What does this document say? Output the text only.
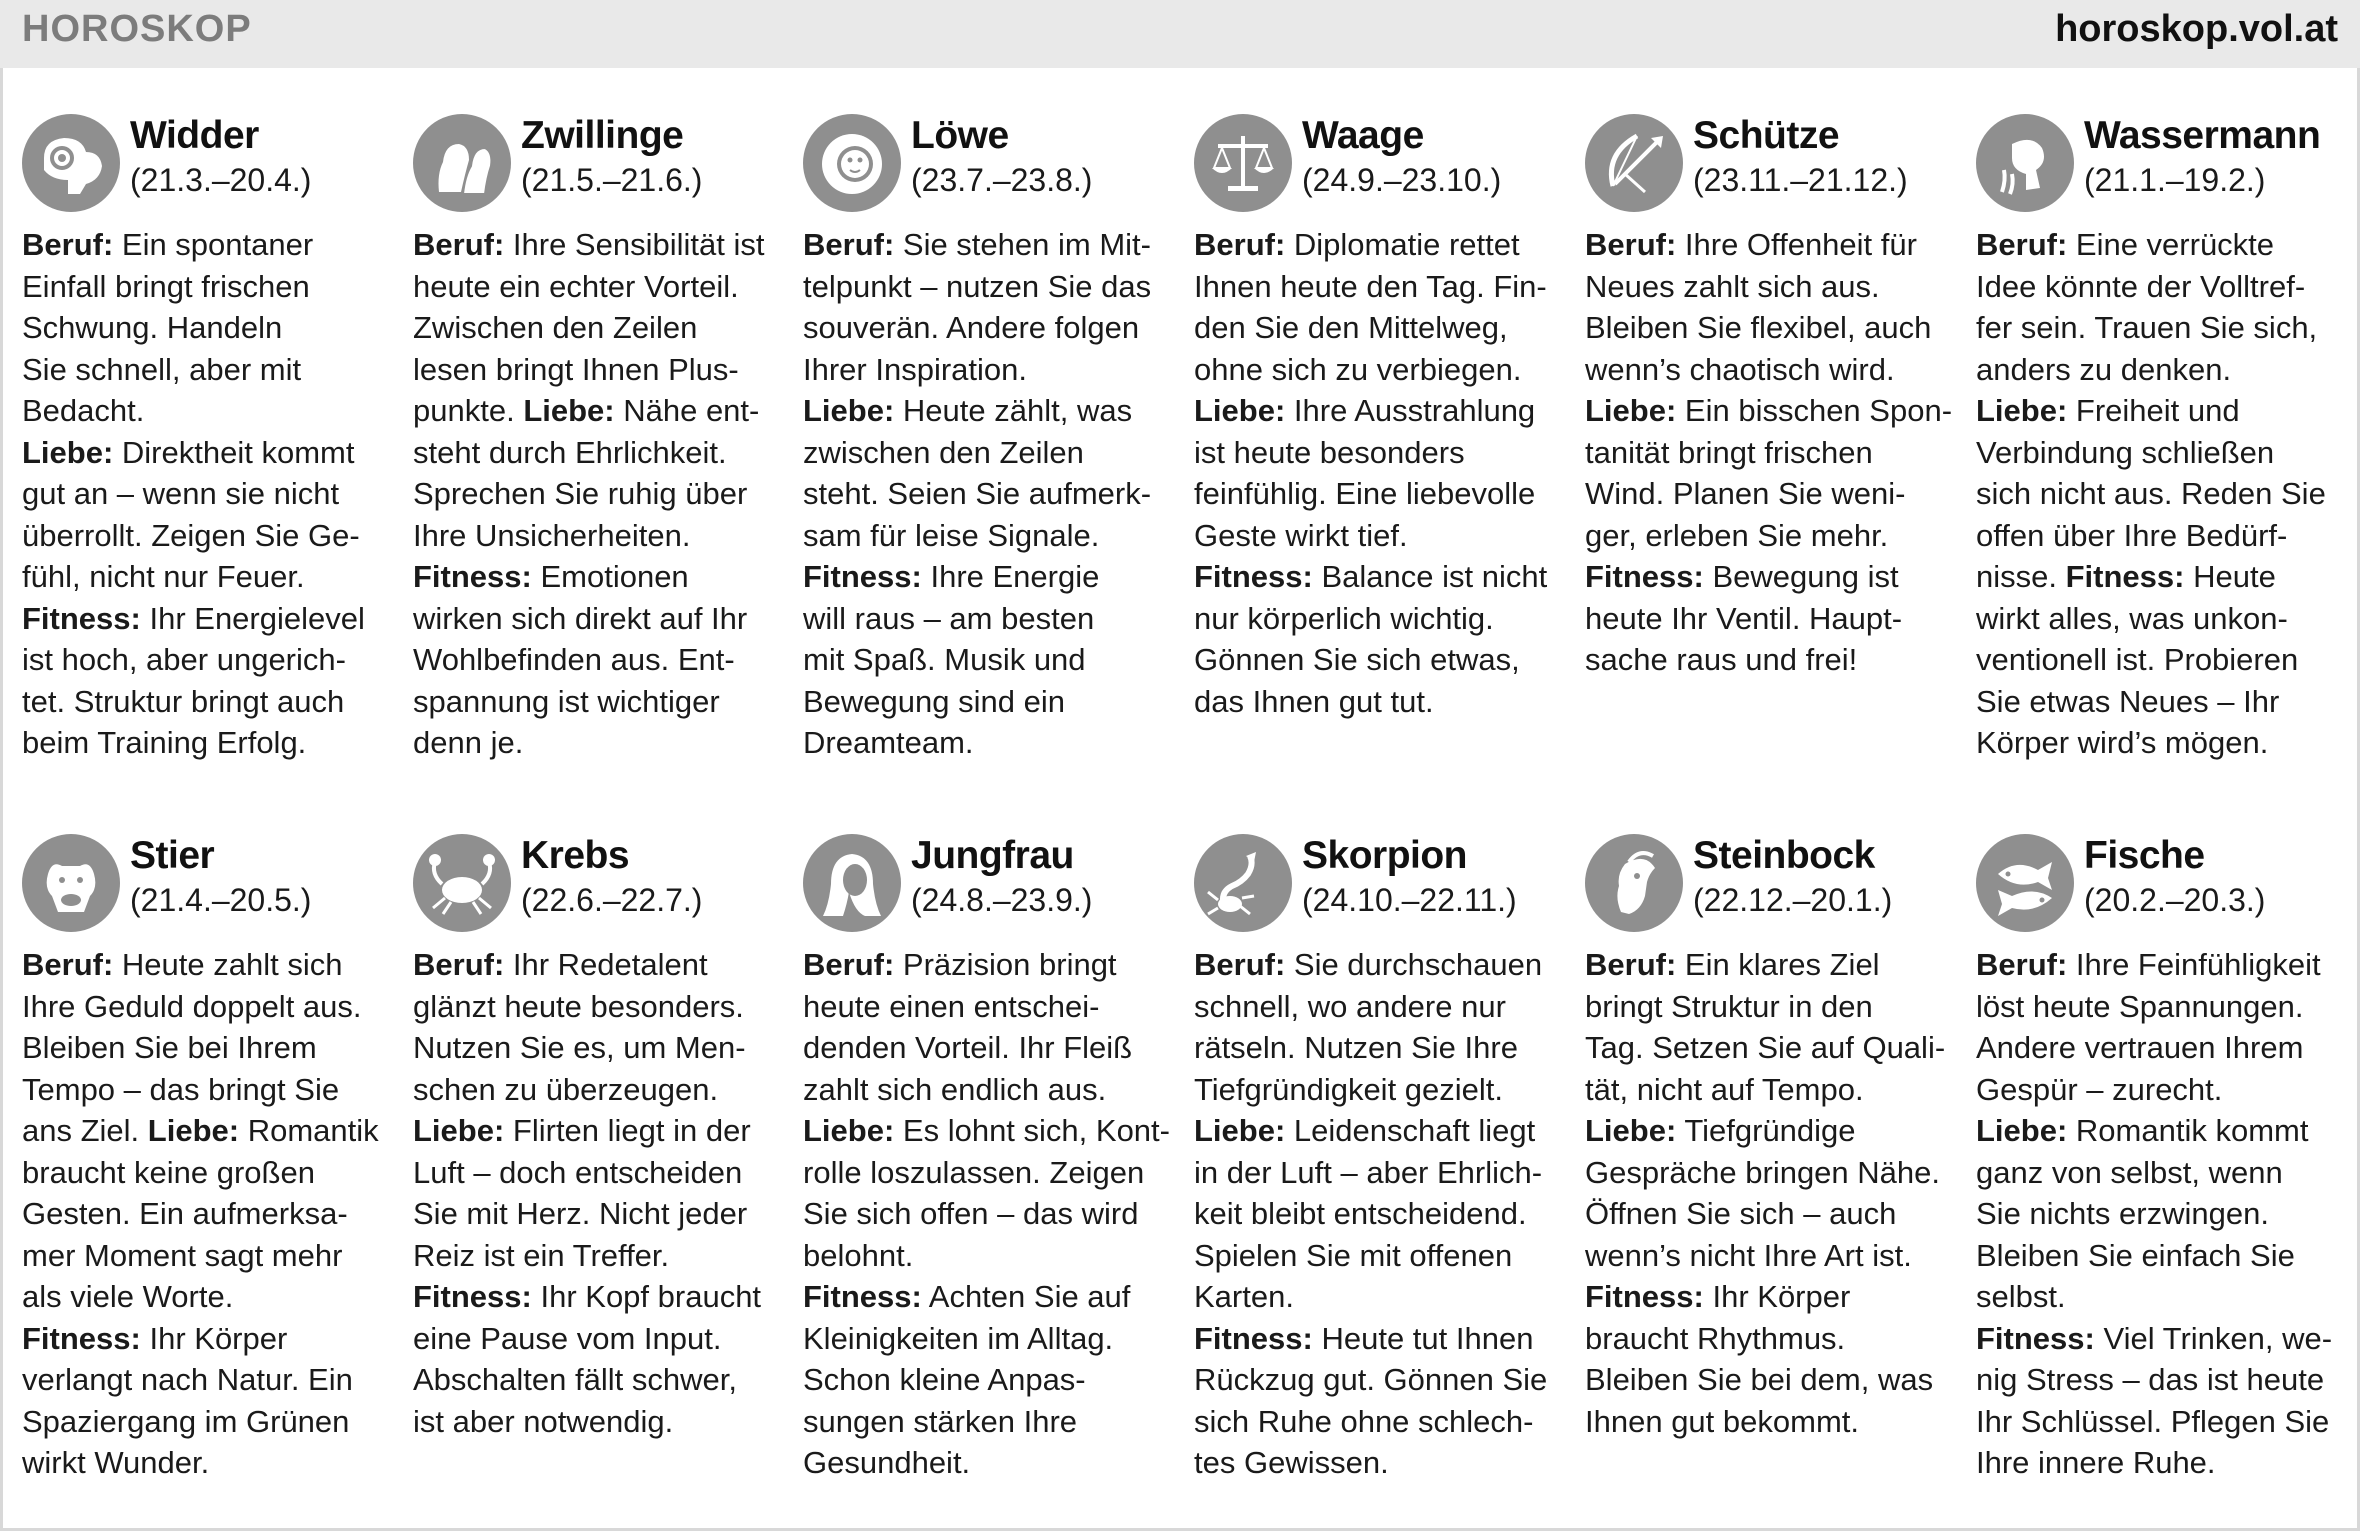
HOROSKOP	horoskop.vol.at
Widder
(21.3.–20.4.)
Beruf: Ein spontaner
Einfall bringt frischen
Schwung. Handeln
Sie schnell, aber mit
Bedacht.
Liebe: Direktheit kommt
gut an – wenn sie nicht
überrollt. Zeigen Sie Ge-
fühl, nicht nur Feuer.
Fitness: Ihr Energielevel
ist hoch, aber ungerich-
tet. Struktur bringt auch
beim Training Erfolg.
Zwillinge
(21.5.–21.6.)
Beruf: Ihre Sensibilität ist
heute ein echter Vorteil.
Zwischen den Zeilen
lesen bringt Ihnen Plus-
punkte. Liebe: Nähe ent-
steht durch Ehrlichkeit.
Sprechen Sie ruhig über
Ihre Unsicherheiten.
Fitness: Emotionen
wirken sich direkt auf Ihr
Wohlbefinden aus. Ent-
spannung ist wichtiger
denn je.
Löwe
(23.7.–23.8.)
Beruf: Sie stehen im Mit-
telpunkt – nutzen Sie das
souverän. Andere folgen
Ihrer Inspiration.
Liebe: Heute zählt, was
zwischen den Zeilen
steht. Seien Sie aufmerk-
sam für leise Signale.
Fitness: Ihre Energie
will raus – am besten
mit Spaß. Musik und
Bewegung sind ein
Dreamteam.
Waage
(24.9.–23.10.)
Beruf: Diplomatie rettet
Ihnen heute den Tag. Fin-
den Sie den Mittelweg,
ohne sich zu verbiegen.
Liebe: Ihre Ausstrahlung
ist heute besonders
feinfühlig. Eine liebevolle
Geste wirkt tief.
Fitness: Balance ist nicht
nur körperlich wichtig.
Gönnen Sie sich etwas,
das Ihnen gut tut.
Schütze
(23.11.–21.12.)
Beruf: Ihre Offenheit für
Neues zahlt sich aus.
Bleiben Sie flexibel, auch
wenn’s chaotisch wird.
Liebe: Ein bisschen Spon-
tanität bringt frischen
Wind. Planen Sie weni-
ger, erleben Sie mehr.
Fitness: Bewegung ist
heute Ihr Ventil. Haupt-
sache raus und frei!
Wassermann
(21.1.–19.2.)
Beruf: Eine verrückte
Idee könnte der Volltref-
fer sein. Trauen Sie sich,
anders zu denken.
Liebe: Freiheit und
Verbindung schließen
sich nicht aus. Reden Sie
offen über Ihre Bedürf-
nisse. Fitness: Heute
wirkt alles, was unkon-
ventionell ist. Probieren
Sie etwas Neues – Ihr
Körper wird’s mögen.
Stier
(21.4.–20.5.)
Beruf: Heute zahlt sich
Ihre Geduld doppelt aus.
Bleiben Sie bei Ihrem
Tempo – das bringt Sie
ans Ziel. Liebe: Romantik
braucht keine großen
Gesten. Ein aufmerksa-
mer Moment sagt mehr
als viele Worte.
Fitness: Ihr Körper
verlangt nach Natur. Ein
Spaziergang im Grünen
wirkt Wunder.
Krebs
(22.6.–22.7.)
Beruf: Ihr Redetalent
glänzt heute besonders.
Nutzen Sie es, um Men-
schen zu überzeugen.
Liebe: Flirten liegt in der
Luft – doch entscheiden
Sie mit Herz. Nicht jeder
Reiz ist ein Treffer.
Fitness: Ihr Kopf braucht
eine Pause vom Input.
Abschalten fällt schwer,
ist aber notwendig.
Jungfrau
(24.8.–23.9.)
Beruf: Präzision bringt
heute einen entschei-
denden Vorteil. Ihr Fleiß
zahlt sich endlich aus.
Liebe: Es lohnt sich, Kont-
rolle loszulassen. Zeigen
Sie sich offen – das wird
belohnt.
Fitness: Achten Sie auf
Kleinigkeiten im Alltag.
Schon kleine Anpas-
sungen stärken Ihre
Gesundheit.
Skorpion
(24.10.–22.11.)
Beruf: Sie durchschauen
schnell, wo andere nur
rätseln. Nutzen Sie Ihre
Tiefgründigkeit gezielt.
Liebe: Leidenschaft liegt
in der Luft – aber Ehrlich-
keit bleibt entscheidend.
Spielen Sie mit offenen
Karten.
Fitness: Heute tut Ihnen
Rückzug gut. Gönnen Sie
sich Ruhe ohne schlech-
tes Gewissen.
Steinbock
(22.12.–20.1.)
Beruf: Ein klares Ziel
bringt Struktur in den
Tag. Setzen Sie auf Quali-
tät, nicht auf Tempo.
Liebe: Tiefgründige
Gespräche bringen Nähe.
Öffnen Sie sich – auch
wenn’s nicht Ihre Art ist.
Fitness: Ihr Körper
braucht Rhythmus.
Bleiben Sie bei dem, was
Ihnen gut bekommt.
Fische
(20.2.–20.3.)
Beruf: Ihre Feinfühligkeit
löst heute Spannungen.
Andere vertrauen Ihrem
Gespür – zurecht.
Liebe: Romantik kommt
ganz von selbst, wenn
Sie nichts erzwingen.
Bleiben Sie einfach Sie
selbst.
Fitness: Viel Trinken, we-
nig Stress – das ist heute
Ihr Schlüssel. Pflegen Sie
Ihre innere Ruhe.
